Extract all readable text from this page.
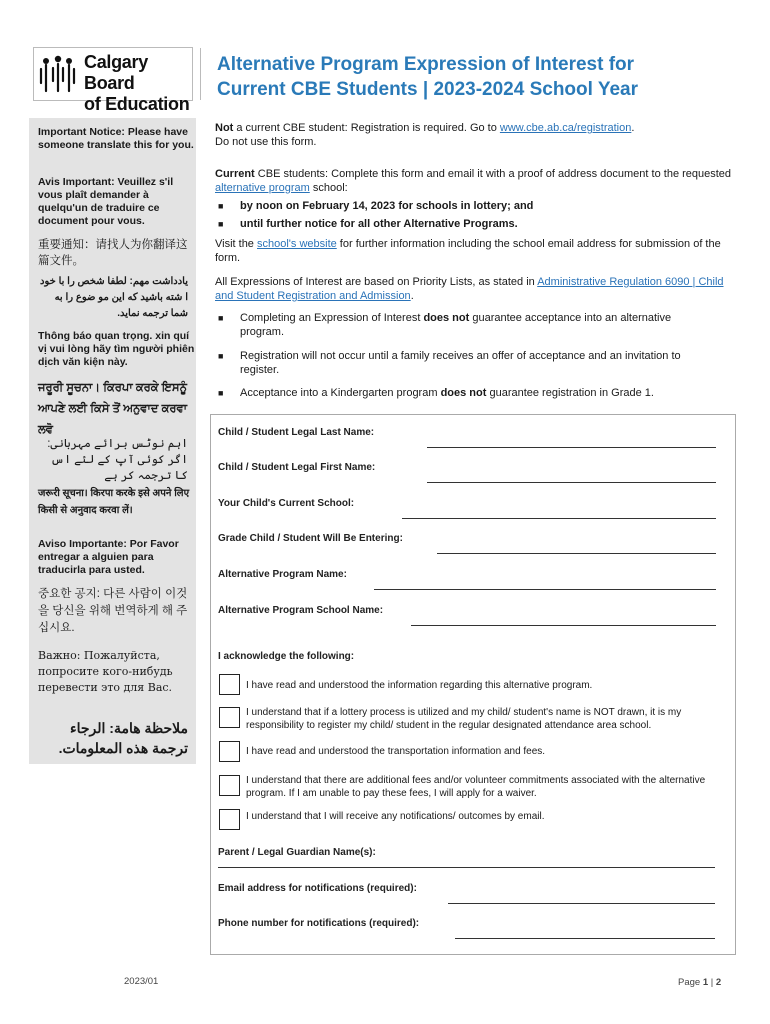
Calgary Board
of Education
Alternative Program Expression of Interest for
Current CBE Students | 2023-2024 School Year
Important Notice: Please have someone translate this for you.
Avis Important: Veuillez s'il vous plaît demander à quelqu'un de traduire ce document pour vous.
重要通知：请找人为你翻译这篇文件。
یادداشت مهم: لطفا شخص را با خود ا شته باشید که این مو ضوع را به شما ترجمه نماید.
Thông báo quan trọng. xin quí vị vui lòng hãy tìm người phiên dịch văn kiện này.
ਜਰੂਰੀ ਸੂਚਨਾ। ਕਿਰਪਾ ਕਰਕੇ ਇਸਨੂੰ ਆਪਣੇ ਲਈ ਕਿਸੇ ਤੋਂ ਅਨੁਵਾਦ ਕਰਵਾ ਲਵੋ
اہم نوٹس برائے مہربانی: اگر کوئی آپ کے لئے اس کا ترجمہ کر ہے
जरूरी सूचना। किरपा करके इसे अपने लिए किसी से अनुवाद करवा लें।
Aviso Importante: Por Favor entregar a alguien para traducirla para usted.
중요한 공지: 다른 사람이 이것을 당신을 위해 번역하게 해 주십시요.
Важно: Пожалуйста, попросите кого-нибудь перевести это для Вас.
ملاحظة هامة: الرجاء ترجمة هذه المعلومات.
Not a current CBE student: Registration is required. Go to www.cbe.ab.ca/registration.
Do not use this form.
Current CBE students: Complete this form and email it with a proof of address document to the requested alternative program school:
■ by noon on February 14, 2023 for schools in lottery; and
■ until further notice for all other Alternative Programs.
Visit the school's website for further information including the school email address for submission of the form.
All Expressions of Interest are based on Priority Lists, as stated in Administrative Regulation 6090 | Child and Student Registration and Admission.
■ Completing an Expression of Interest does not guarantee acceptance into an alternative program.
■ Registration will not occur until a family receives an offer of acceptance and an invitation to register.
■ Acceptance into a Kindergarten program does not guarantee registration in Grade 1.
Child / Student Legal Last Name:
Child / Student Legal First Name:
Your Child's Current School:
Grade Child / Student Will Be Entering:
Alternative Program Name:
Alternative Program School Name:
I acknowledge the following:
I have read and understood the information regarding this alternative program.
I understand that if a lottery process is utilized and my child/ student's name is NOT drawn, it is my responsibility to register my child/ student in the regular designated attendance area school.
I have read and understood the transportation information and fees.
I understand that there are additional fees and/or volunteer commitments associated with the alternative program. If I am unable to pay these fees, I will apply for a waiver.
I understand that I will receive any notifications/ outcomes by email.
Parent / Legal Guardian Name(s):
Email address for notifications (required):
Phone number for notifications (required):
2023/01	Page 1 | 2
